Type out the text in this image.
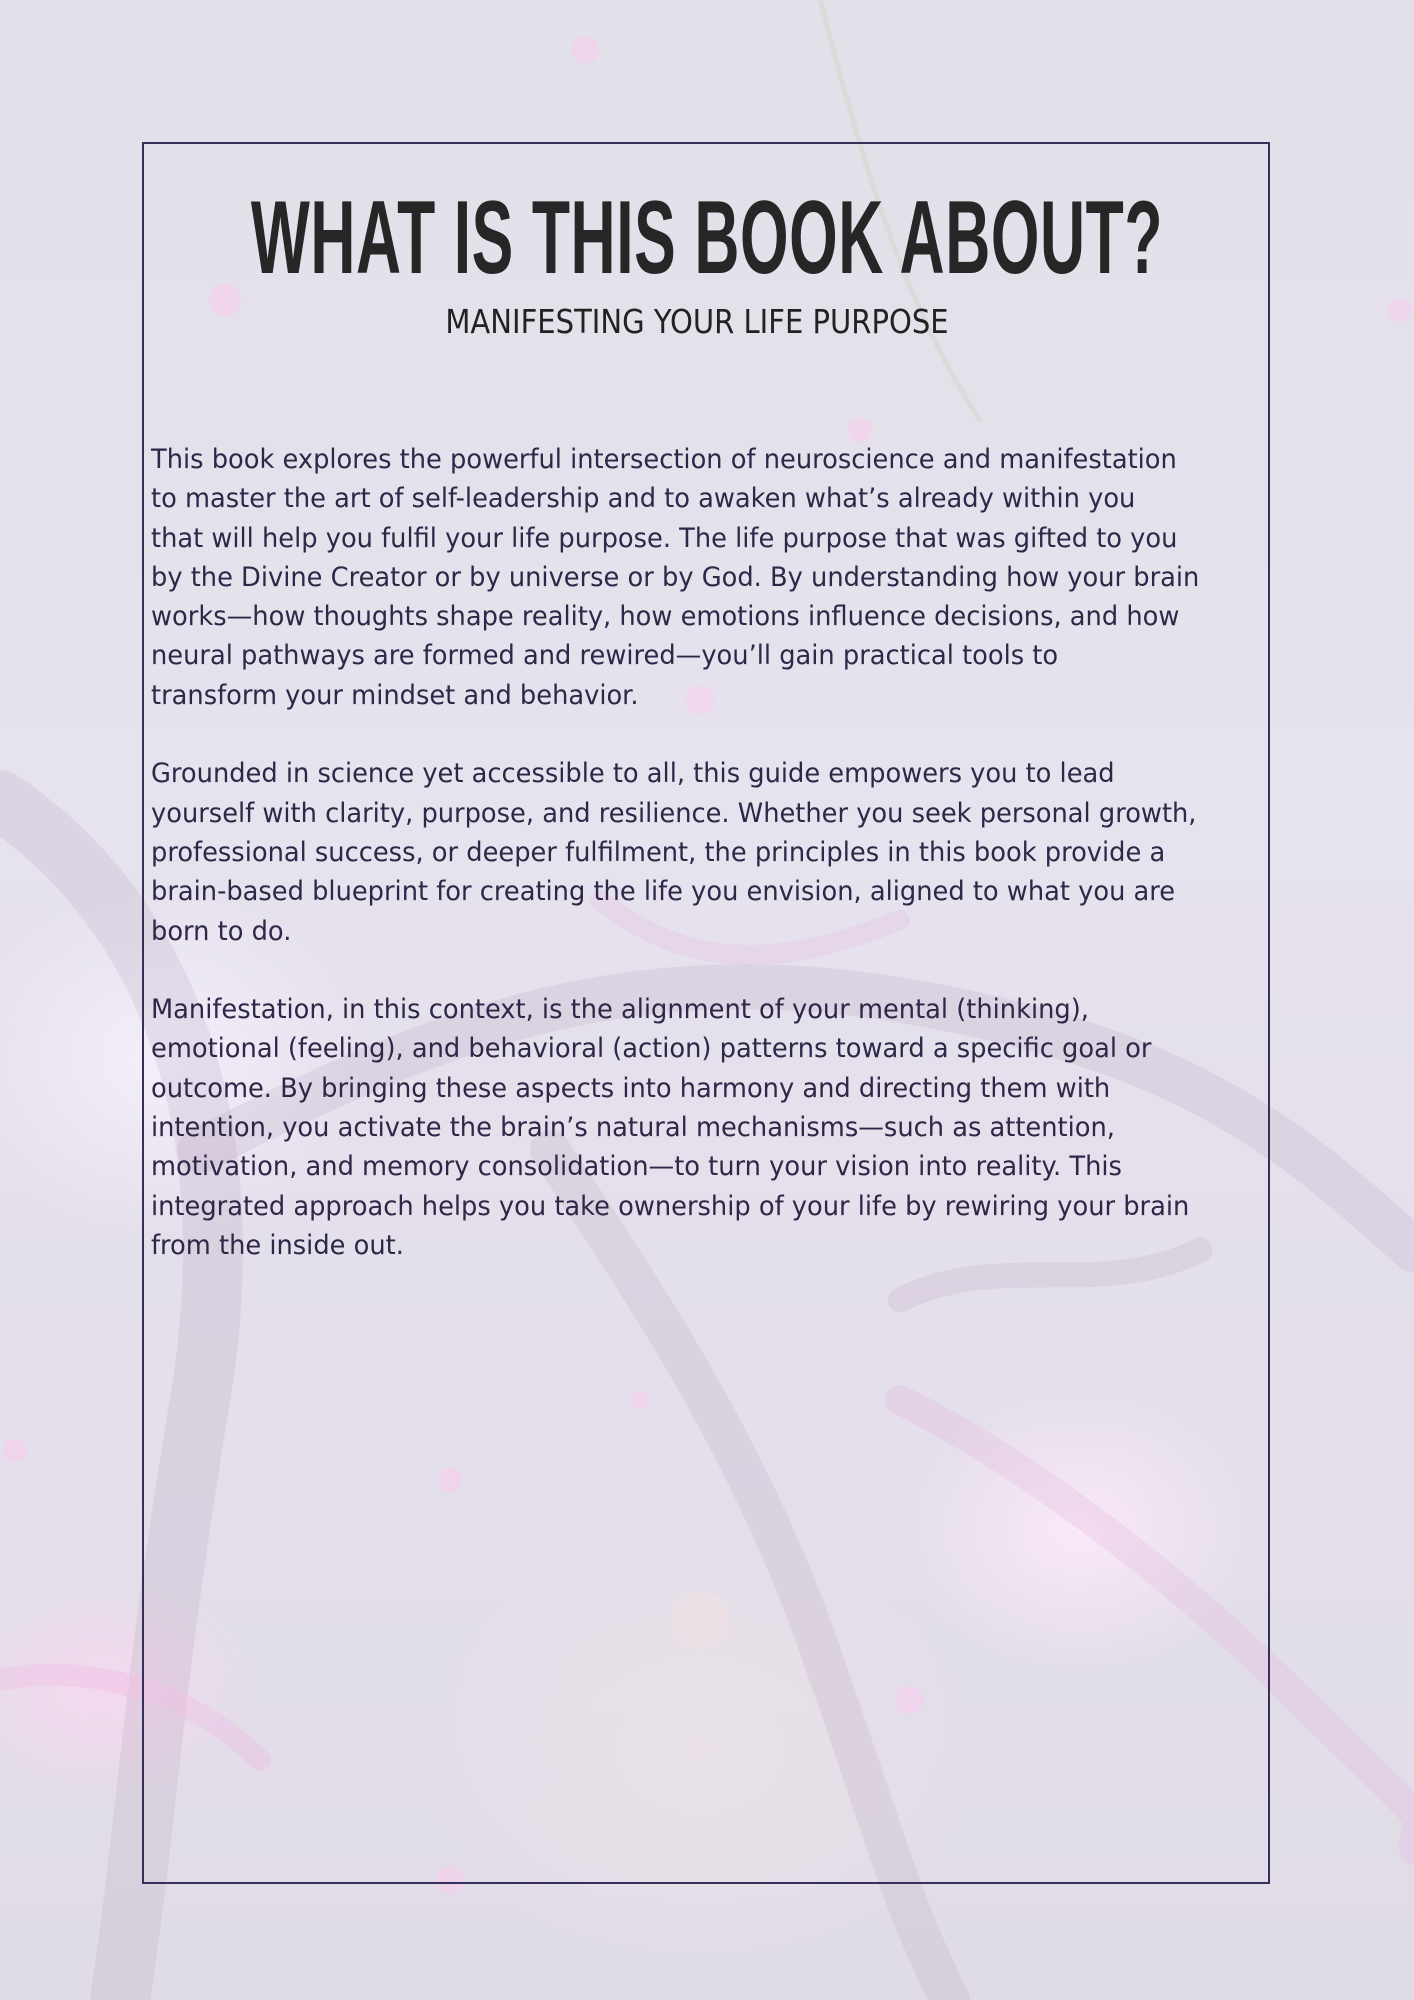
WHAT IS THIS BOOK ABOUT?
MANIFESTING YOUR LIFE PURPOSE
This book explores the powerful intersection of neuroscience and manifestation
to master the art of self-leadership and to awaken what’s already within you
that will help you fulfil your life purpose. The life purpose that was gifted to you
by the Divine Creator or by universe or by God. By understanding how your brain
works—how thoughts shape reality, how emotions influence decisions, and how
neural pathways are formed and rewired—you’ll gain practical tools to
transform your mindset and behavior.
Grounded in science yet accessible to all, this guide empowers you to lead
yourself with clarity, purpose, and resilience. Whether you seek personal growth,
professional success, or deeper fulfilment, the principles in this book provide a
brain-based blueprint for creating the life you envision, aligned to what you are
born to do.
Manifestation, in this context, is the alignment of your mental (thinking),
emotional (feeling), and behavioral (action) patterns toward a specific goal or
outcome. By bringing these aspects into harmony and directing them with
intention, you activate the brain’s natural mechanisms—such as attention,
motivation, and memory consolidation—to turn your vision into reality. This
integrated approach helps you take ownership of your life by rewiring your brain
from the inside out.
